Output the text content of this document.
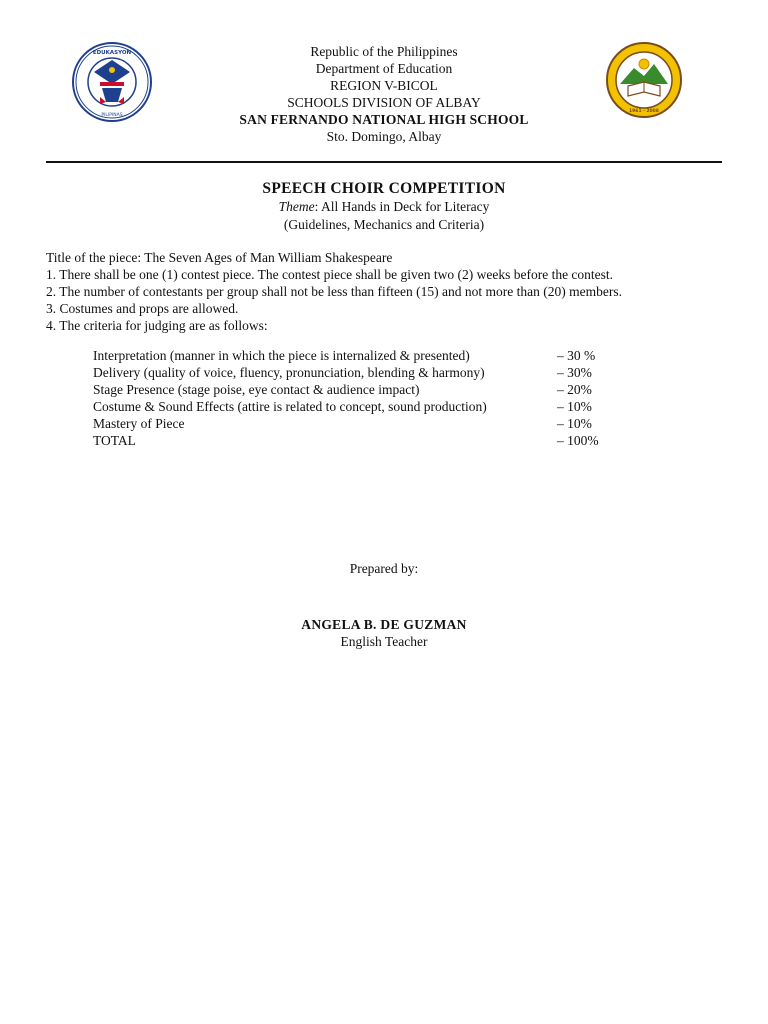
EDUKASYON
PILIPINAS
1961 · 2008
Republic of the Philippines
Department of Education
REGION V-BICOL
SCHOOLS DIVISION OF ALBAY
SAN FERNANDO NATIONAL HIGH SCHOOL
Sto. Domingo, Albay
SPEECH CHOIR COMPETITION
Theme: All Hands in Deck for Literacy
(Guidelines, Mechanics and Criteria)
Title of the piece: The Seven Ages of Man William Shakespeare
1. There shall be one (1) contest piece. The contest piece shall be given two (2) weeks before the contest.
2. The number of contestants per group shall not be less than fifteen (15) and not more than (20) members.
3. Costumes and props are allowed.
4. The criteria for judging are as follows:
Interpretation (manner in which the piece is internalized & presented)	– 30 %
Delivery (quality of voice, fluency, pronunciation, blending & harmony)	– 30%
Stage Presence (stage poise, eye contact & audience impact)	– 20%
Costume & Sound Effects (attire is related to concept, sound production)	– 10%
Mastery of Piece	– 10%
TOTAL	– 100%
Prepared by:
ANGELA B. DE GUZMAN
English Teacher
